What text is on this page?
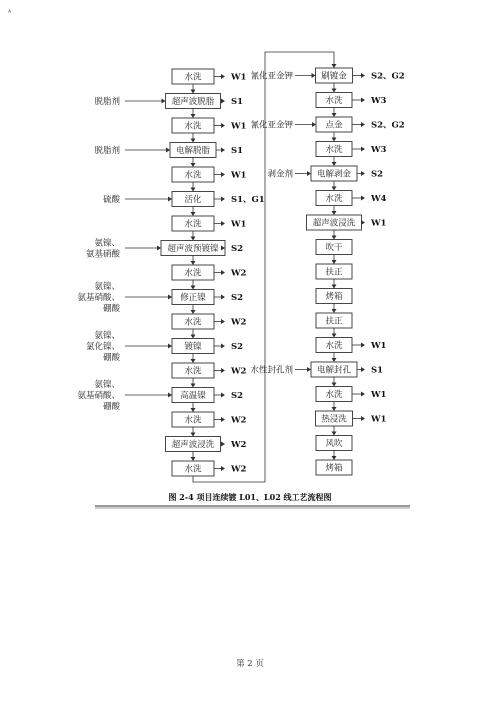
ᴬ
水洗	W1
超声波脱脂 S1
脱脂剂
水洗	W1
电解脱脂 S1
脱脂剂
水洗	W1
活化	S1、G1
硫酸
水洗	W1
超声波预镀镍 S2
氨镍、
氨基硝酸
水洗	W2
修正镍	S2
氨镍、
氨基硝酸、
硼酸
水洗	W2
镀镍	S2
氨镍、
氯化镍、
硼酸
水洗	W2
高温镍	S2
氨镍、
氨基硝酸、
硼酸
水洗	W2
超声波浸洗 W2
水洗	W2
刷镀金	S2、G2
氰化亚金钾
水洗	W3
点金	S2、G2
氰化亚金钾
水洗	W3
电解剥金 S2
剥金剂
水洗	W4
超声波浸洗 W1
吹干
扶正
烤箱
扶正
水洗	W1
电解封孔 S1
水性封孔剂
水洗	W1
热浸洗	W1
风吹
烤箱
图 2-4 项目连续镀 L01、L02 线工艺流程图
第 2 页
